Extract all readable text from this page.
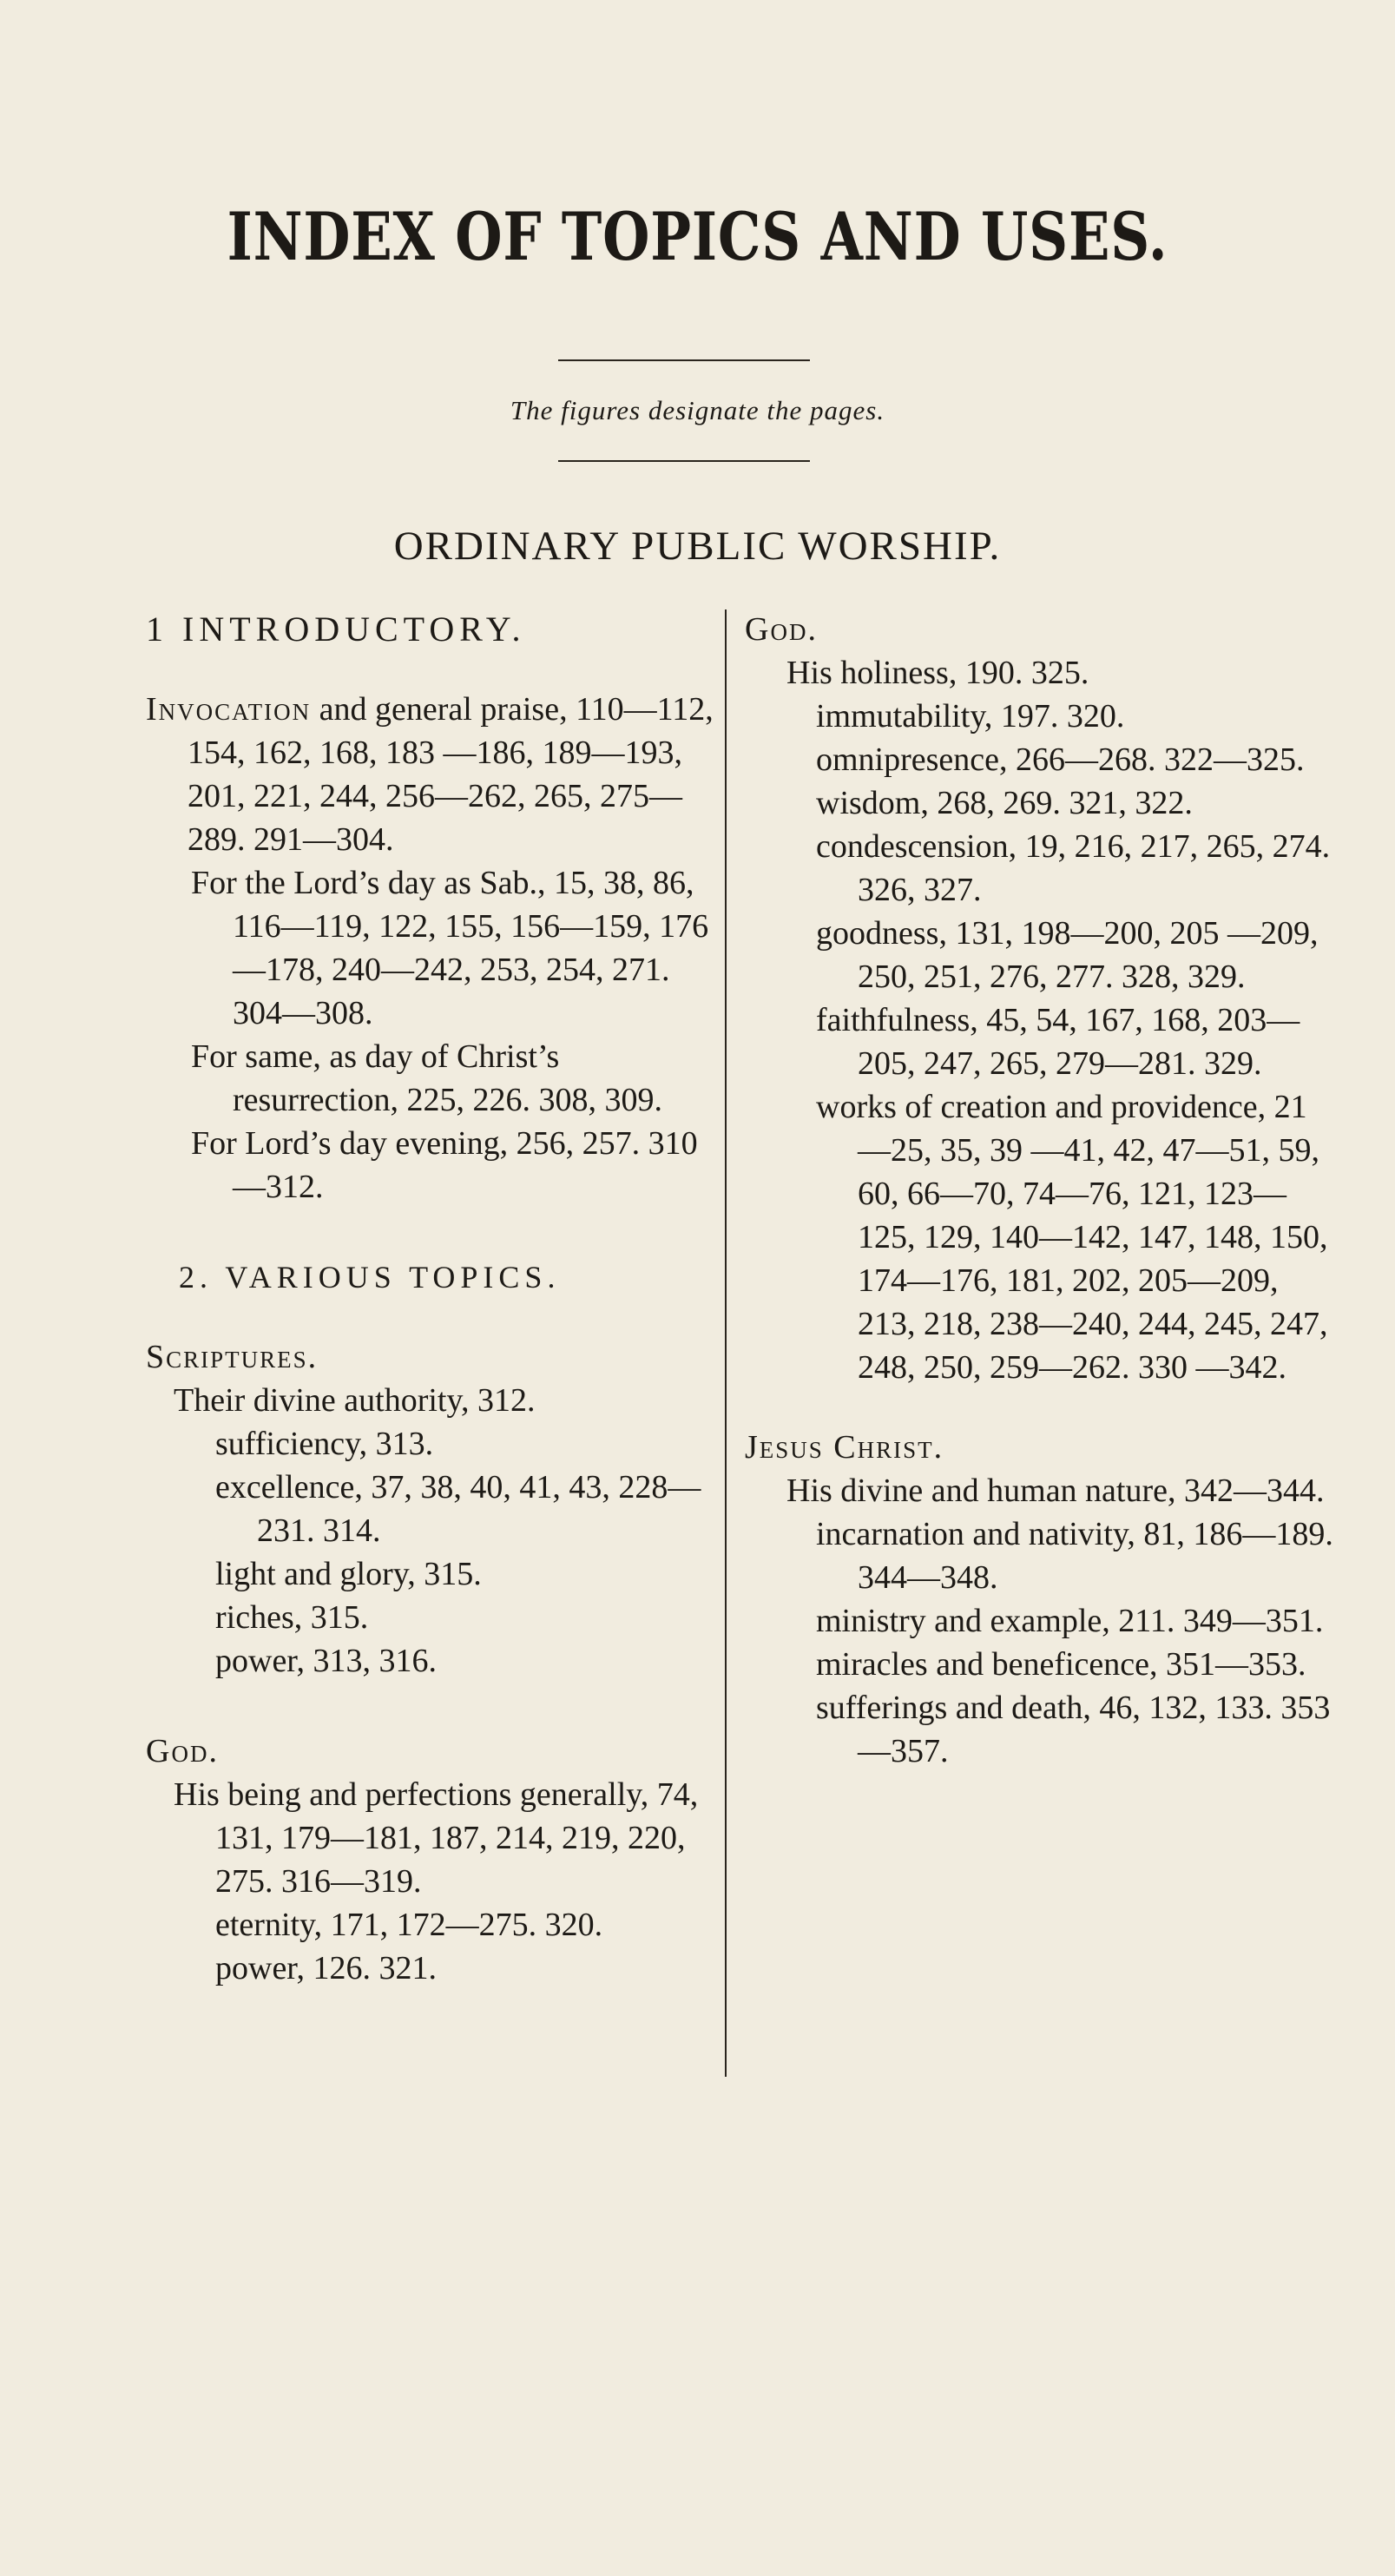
INDEX OF TOPICS AND USES.
The figures designate the pages.
ORDINARY PUBLIC WORSHIP.

1 INTRODUCTORY.

Invocation and general praise, 110—112, 154, 162, 168, 183 —186, 189—193, 201, 221, 244, 256—262, 265, 275—289. 291—304.

For the Lord’s day as Sab., 15, 38, 86, 116—119, 122, 155, 156—159, 176—178, 240—242, 253, 254, 271. 304—308.

For same, as day of Christ’s resurrection, 225, 226. 308, 309.

For Lord’s day evening, 256, 257. 310—312.

2. VARIOUS TOPICS.

Scriptures.

Their divine authority, 312.

sufficiency, 313.

excellence, 37, 38, 40, 41, 43, 228—231. 314.

light and glory, 315.

riches, 315.

power, 313, 316.

God.

His being and perfections generally, 74, 131, 179—181, 187, 214, 219, 220, 275. 316—319.

eternity, 171, 172—275. 320.

power, 126. 321.

God.

His holiness, 190. 325.

immutability, 197. 320.

omnipresence, 266—268. 322—325.

wisdom, 268, 269. 321, 322.

condescension, 19, 216, 217, 265, 274. 326, 327.

goodness, 131, 198—200, 205 —209, 250, 251, 276, 277. 328, 329.

faithfulness, 45, 54, 167, 168, 203—205, 247, 265, 279—281. 329.

works of creation and providence, 21—25, 35, 39 —41, 42, 47—51, 59, 60, 66—70, 74—76, 121, 123—125, 129, 140—142, 147, 148, 150, 174—176, 181, 202, 205—209, 213, 218, 238—240, 244, 245, 247, 248, 250, 259—262. 330 —342.

Jesus Christ.

His divine and human nature, 342—344.

incarnation and nativity, 81, 186—189. 344—348.

ministry and example, 211. 349—351.

miracles and beneficence, 351—353.

sufferings and death, 46, 132, 133. 353—357.
